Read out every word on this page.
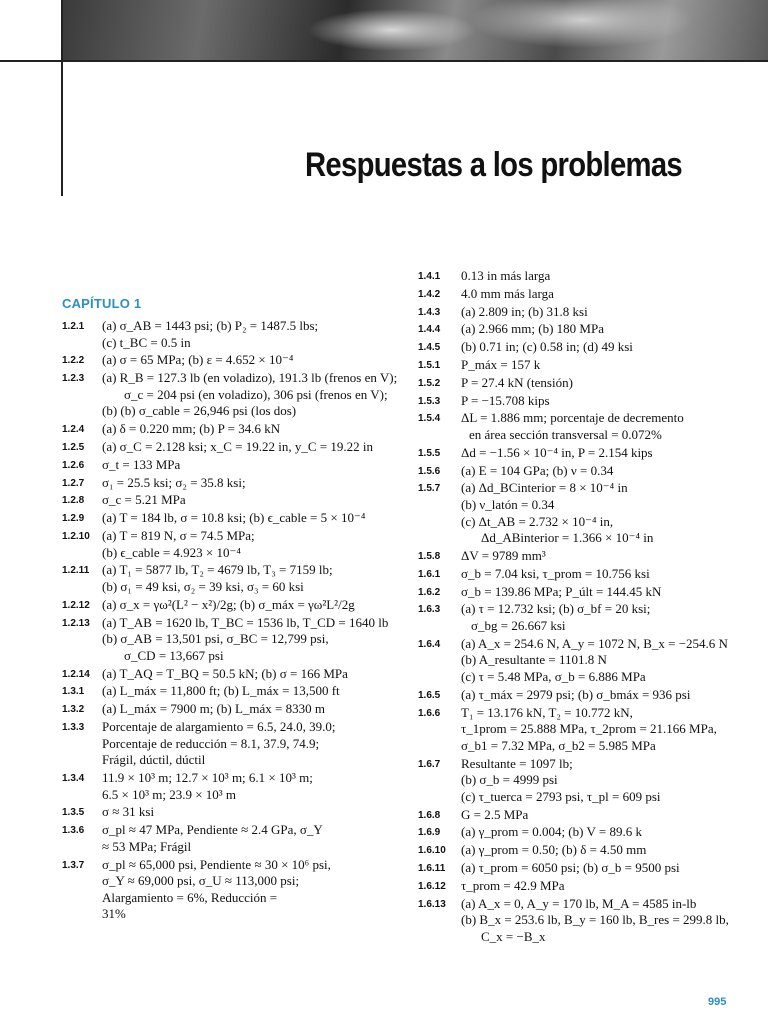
Respuestas a los problemas
CAPÍTULO 1
1.2.1 (a) σ_AB = 1443 psi; (b) P₂ = 1487.5 lbs;
(c) t_BC = 0.5 in
1.2.2 (a) σ = 65 MPa; (b) ε = 4.652 × 10⁻⁴
1.2.3 (a) R_B = 127.3 lb (en voladizo), 191.3 lb (frenos en V);
σ_c = 204 psi (en voladizo), 306 psi (frenos en V);
(b) (b) σ_cable = 26,946 psi (los dos)
1.2.4 (a) δ = 0.220 mm; (b) P = 34.6 kN
1.2.5 (a) σ_C = 2.128 ksi; x_C = 19.22 in, y_C = 19.22 in
1.2.6 σ_t = 133 MPa
1.2.7 σ₁ = 25.5 ksi; σ₂ = 35.8 ksi;
1.2.8 σ_c = 5.21 MPa
1.2.9 (a) T = 184 lb, σ = 10.8 ksi; (b) ϵ_cable = 5 × 10⁻⁴
1.2.10 (a) T = 819 N, σ = 74.5 MPa;
(b) ϵ_cable = 4.923 × 10⁻⁴
1.2.11 (a) T₁ = 5877 lb, T₂ = 4679 lb, T₃ = 7159 lb;
(b) σ₁ = 49 ksi, σ₂ = 39 ksi, σ₃ = 60 ksi
1.2.12 (a) σ_x = γω²(L² − x²)/2g; (b) σ_máx = γω²L²/2g
1.2.13 (a) T_AB = 1620 lb, T_BC = 1536 lb, T_CD = 1640 lb
(b) σ_AB = 13,501 psi, σ_BC = 12,799 psi,
σ_CD = 13,667 psi
1.2.14 (a) T_AQ = T_BQ = 50.5 kN; (b) σ = 166 MPa
1.3.1 (a) L_máx = 11,800 ft; (b) L_máx = 13,500 ft
1.3.2 (a) L_máx = 7900 m; (b) L_máx = 8330 m
1.3.3 Porcentaje de alargamiento = 6.5, 24.0, 39.0;
Porcentaje de reducción = 8.1, 37.9, 74.9;
Frágil, dúctil, dúctil
1.3.4 11.9 × 10³ m; 12.7 × 10³ m; 6.1 × 10³ m;
6.5 × 10³ m; 23.9 × 10³ m
1.3.5 σ ≈ 31 ksi
1.3.6 σ_pl ≈ 47 MPa, Pendiente ≈ 2.4 GPa, σ_Y
≈ 53 MPa; Frágil
1.3.7 σ_pl ≈ 65,000 psi, Pendiente ≈ 30 × 10⁶ psi,
σ_Y ≈ 69,000 psi, σ_U ≈ 113,000 psi;
Alargamiento = 6%, Reducción =
31%
1.4.1 0.13 in más larga
1.4.2 4.0 mm más larga
1.4.3 (a) 2.809 in; (b) 31.8 ksi
1.4.4 (a) 2.966 mm; (b) 180 MPa
1.4.5 (b) 0.71 in; (c) 0.58 in; (d) 49 ksi
1.5.1 P_máx = 157 k
1.5.2 P = 27.4 kN (tensión)
1.5.3 P = −15.708 kips
1.5.4 ΔL = 1.886 mm; porcentaje de decremento
en área sección transversal = 0.072%
1.5.5 Δd = −1.56 × 10⁻⁴ in, P = 2.154 kips
1.5.6 (a) E = 104 GPa; (b) ν = 0.34
1.5.7 (a) Δd_BCinterior = 8 × 10⁻⁴ in
(b) ν_latón = 0.34
(c) Δt_AB = 2.732 × 10⁻⁴ in,
Δd_ABinterior = 1.366 × 10⁻⁴ in
1.5.8 ΔV = 9789 mm³
1.6.1 σ_b = 7.04 ksi, τ_prom = 10.756 ksi
1.6.2 σ_b = 139.86 MPa; P_últ = 144.45 kN
1.6.3 (a) τ = 12.732 ksi; (b) σ_bf = 20 ksi;
σ_bg = 26.667 ksi
1.6.4 (a) A_x = 254.6 N, A_y = 1072 N, B_x = −254.6 N
(b) A_resultante = 1101.8 N
(c) τ = 5.48 MPa, σ_b = 6.886 MPa
1.6.5 (a) τ_máx = 2979 psi; (b) σ_bmáx = 936 psi
1.6.6 T₁ = 13.176 kN, T₂ = 10.772 kN,
τ_1prom = 25.888 MPa, τ_2prom = 21.166 MPa,
σ_b1 = 7.32 MPa, σ_b2 = 5.985 MPa
1.6.7 Resultante = 1097 lb;
(b) σ_b = 4999 psi
(c) τ_tuerca = 2793 psi, τ_pl = 609 psi
1.6.8 G = 2.5 MPa
1.6.9 (a) γ_prom = 0.004; (b) V = 89.6 k
1.6.10 (a) γ_prom = 0.50; (b) δ = 4.50 mm
1.6.11 (a) τ_prom = 6050 psi; (b) σ_b = 9500 psi
1.6.12 τ_prom = 42.9 MPa
1.6.13 (a) A_x = 0, A_y = 170 lb, M_A = 4585 in-lb
(b) B_x = 253.6 lb, B_y = 160 lb, B_res = 299.8 lb,
C_x = −B_x
995
